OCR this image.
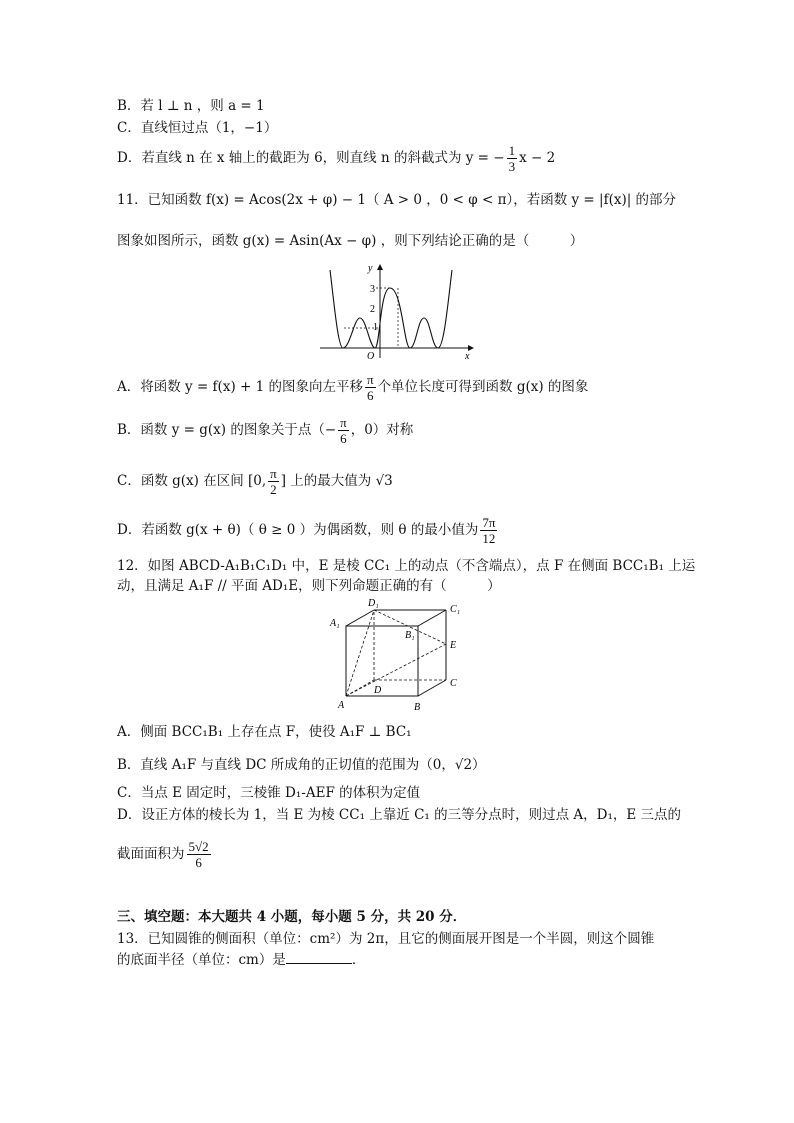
B．若 l ⊥ n ，则 a = 1
C．直线恒过点（1，−1）
D．若直线 n 在 x 轴上的截距为 6，则直线 n 的斜截式为 y = − $\frac{1}{3}$ x − 2
11．已知函数 f(x) = Acos(2x + φ) − 1（ A > 0 ，0 < φ < π），若函数 y = |f(x)| 的部分
图象如图所示，函数 g(x) = Asin(Ax − φ) ，则下列结论正确的是（　　　）
y
x
O
3
2
1
A．将函数 y = f(x) + 1 的图象向左平移 $\frac{\pi}{6}$ 个单位长度可得到函数 g(x) 的图象
B．函数 y = g(x) 的图象关于点（− $\frac{\pi}{6}$ ，0）对称
C．函数 g(x) 在区间 [0, $\frac{\pi}{2}$ ] 上的最大值为 √3
D．若函数 g(x + θ)（ θ ≥ 0 ）为偶函数，则 θ 的最小值为 $\frac{7\pi}{12}$
12．如图 ABCD-A₁B₁C₁D₁ 中，E 是棱 CC₁ 上的动点（不含端点），点 F 在侧面 BCC₁B₁ 上运
动，且满足 A₁F // 平面 AD₁E，则下列命题正确的有（　　　）
A₁
B₁
C₁
D₁
A	B
C
D
E
A．侧面 BCC₁B₁ 上存在点 F，使役 A₁F ⊥ BC₁
B．直线 A₁F 与直线 DC 所成角的正切值的范围为（0，√2）
C．当点 E 固定时，三棱锥 D₁-AEF 的体积为定值
D．设正方体的棱长为 1，当 E 为棱 CC₁ 上靠近 C₁ 的三等分点时，则过点 A，D₁，E 三点的
截面面积为 $\frac{5√2}{6}$
三、填空题：本大题共 4 小题，每小题 5 分，共 20 分．
13．已知圆锥的侧面积（单位：cm²）为 2π，且它的侧面展开图是一个半圆，则这个圆锥
的底面半径（单位：cm）是	．
